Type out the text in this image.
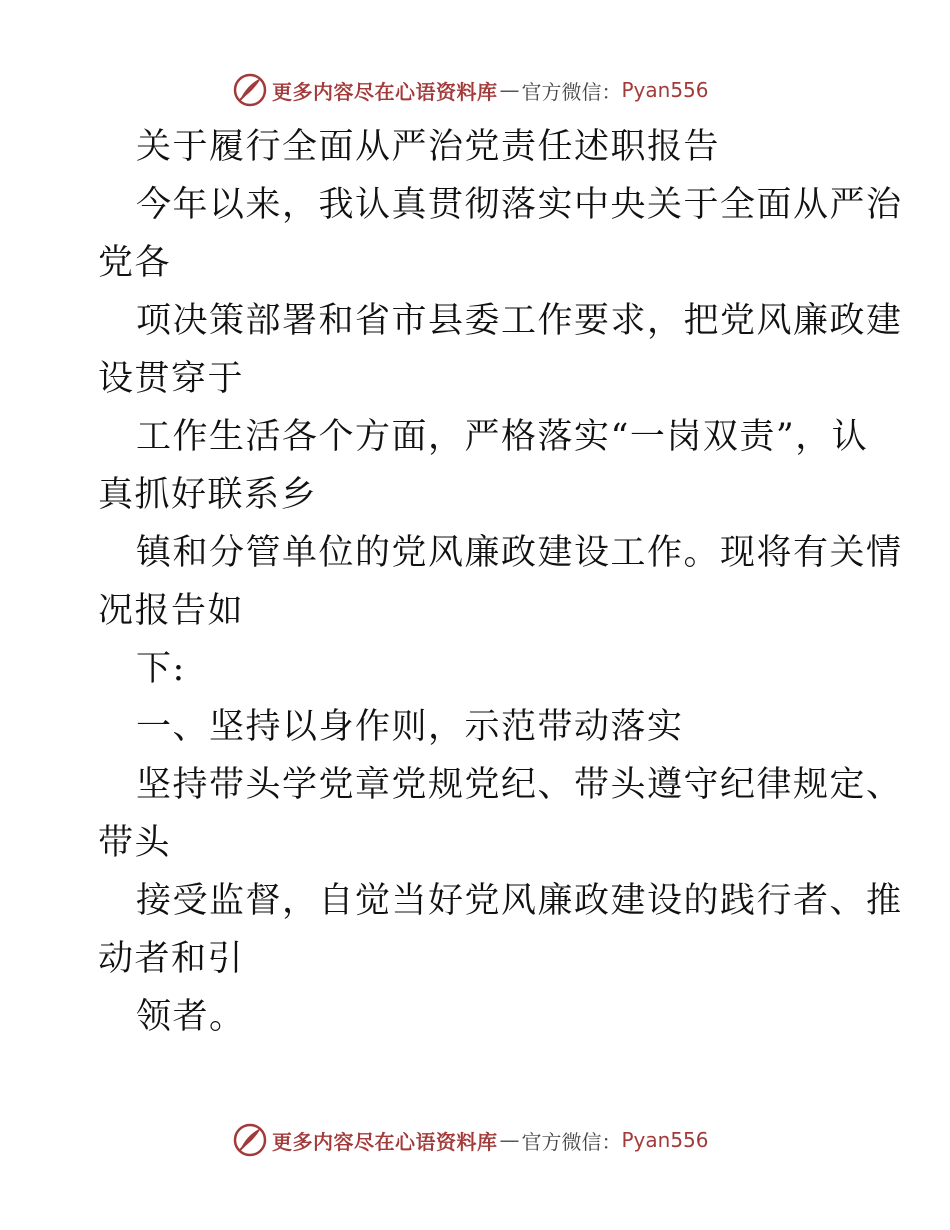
更多内容尽在心语资料库 — 官方微信： Pyan556
关于履行全面从严治党责任述职报告
今年以来，我认真贯彻落实中央关于全面从严治
党各
项决策部署和省市县委工作要求，把党风廉政建
设贯穿于
工作生活各个方面，严格落实“一岗双责”，认
真抓好联系乡
镇和分管单位的党风廉政建设工作。现将有关情
况报告如
下:
一、坚持以身作则，示范带动落实
坚持带头学党章党规党纪、带头遵守纪律规定、
带头
接受监督，自觉当好党风廉政建设的践行者、推
动者和引
领者。
更多内容尽在心语资料库 — 官方微信： Pyan556
